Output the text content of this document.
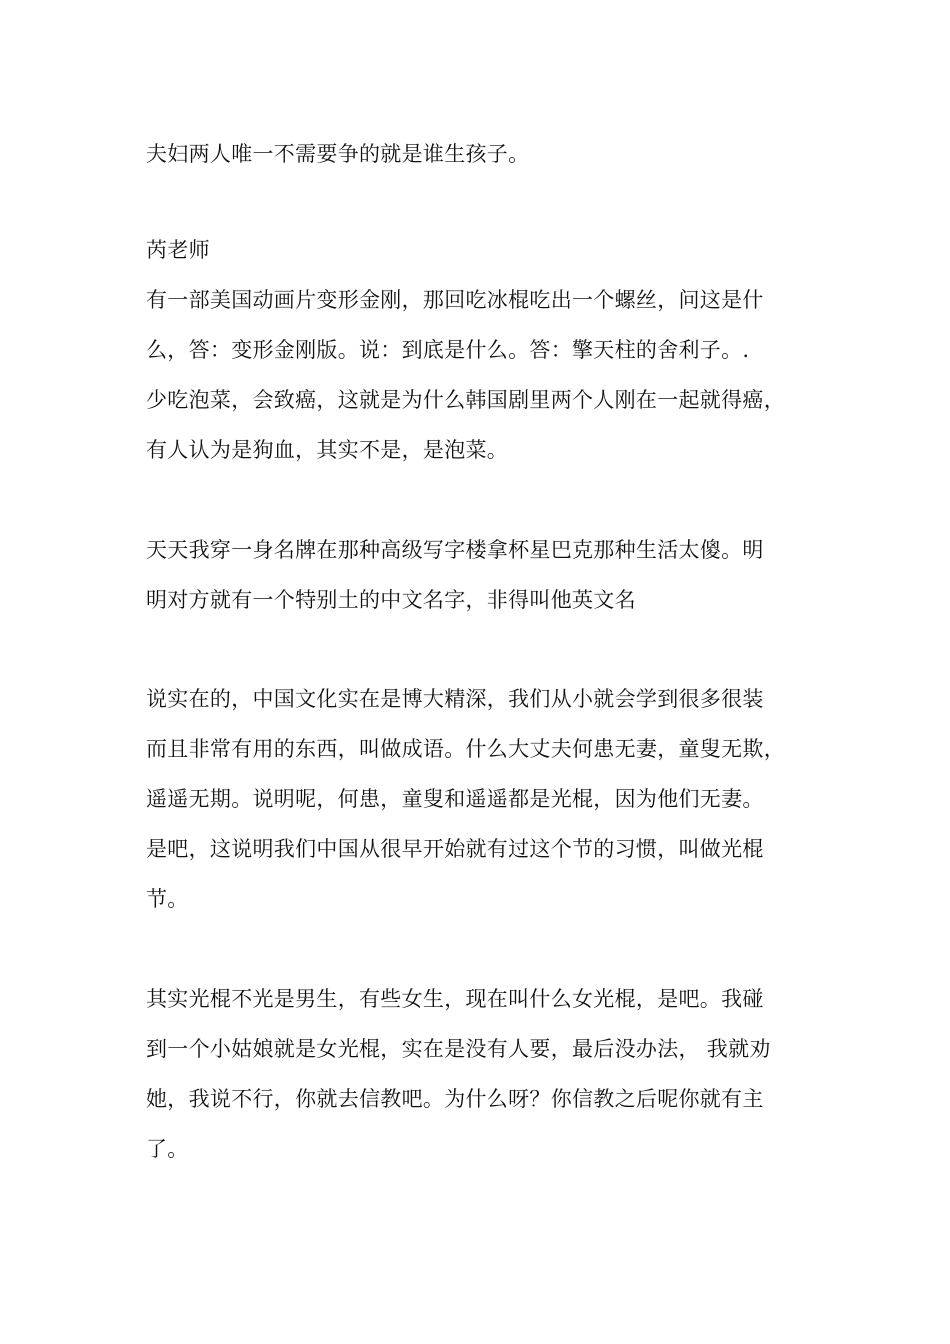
夫妇两人唯一不需要争的就是谁生孩子。
芮老师
有一部美国动画片变形金刚，那回吃冰棍吃出一个螺丝，问这是什
么，答：变形金刚版。说：到底是什么。答：擎天柱的舍利子。.
少吃泡菜，会致癌，这就是为什么韩国剧里两个人刚在一起就得癌，
有人认为是狗血，其实不是，是泡菜。
天天我穿一身名牌在那种高级写字楼拿杯星巴克那种生活太傻。明
明对方就有一个特别土的中文名字，非得叫他英文名
说实在的，中国文化实在是博大精深，我们从小就会学到很多很装
而且非常有用的东西，叫做成语。什么大丈夫何患无妻，童叟无欺，
遥遥无期。说明呢，何患，童叟和遥遥都是光棍，因为他们无妻。
是吧，这说明我们中国从很早开始就有过这个节的习惯，叫做光棍
节。
其实光棍不光是男生，有些女生，现在叫什么女光棍，是吧。我碰
到一个小姑娘就是女光棍，实在是没有人要，最后没办法， 我就劝
她，我说不行，你就去信教吧。为什么呀？你信教之后呢你就有主
了。
